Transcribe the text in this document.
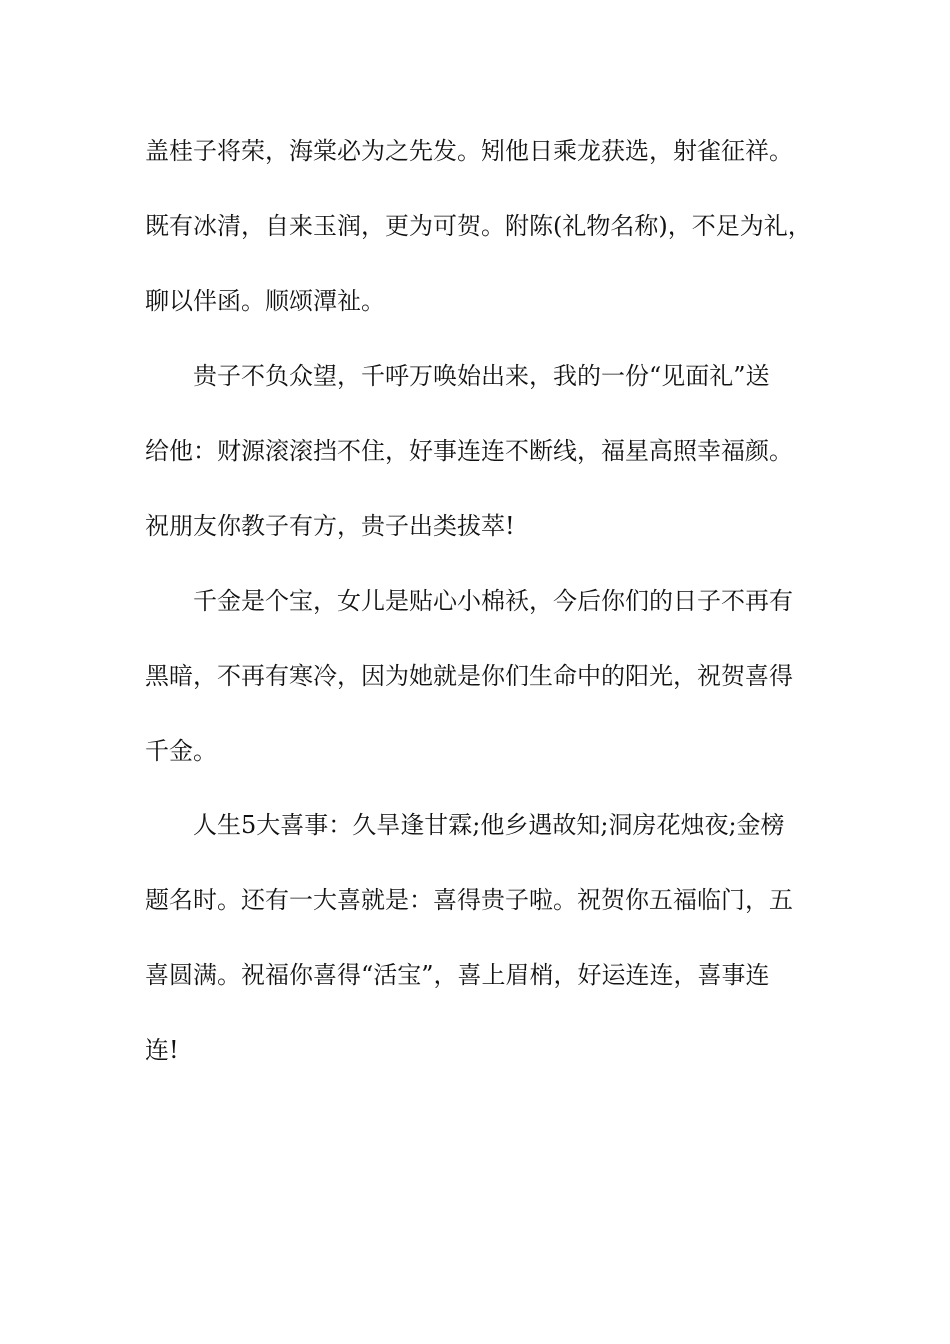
盖桂子将荣，海棠必为之先发。矧他日乘龙获选，射雀征祥。
既有冰清，自来玉润，更为可贺。附陈(礼物名称)，不足为礼，
聊以伴函。顺颂潭祉。
贵子不负众望，千呼万唤始出来，我的一份“见面礼”送
给他：财源滚滚挡不住，好事连连不断线，福星高照幸福颜。
祝朋友你教子有方，贵子出类拔萃!
千金是个宝，女儿是贴心小棉袄，今后你们的日子不再有
黑暗，不再有寒冷，因为她就是你们生命中的阳光，祝贺喜得
千金。
人生5大喜事：久旱逢甘霖;他乡遇故知;洞房花烛夜;金榜
题名时。还有一大喜就是：喜得贵子啦。祝贺你五福临门，五
喜圆满。祝福你喜得“活宝”，喜上眉梢，好运连连，喜事连
连!
